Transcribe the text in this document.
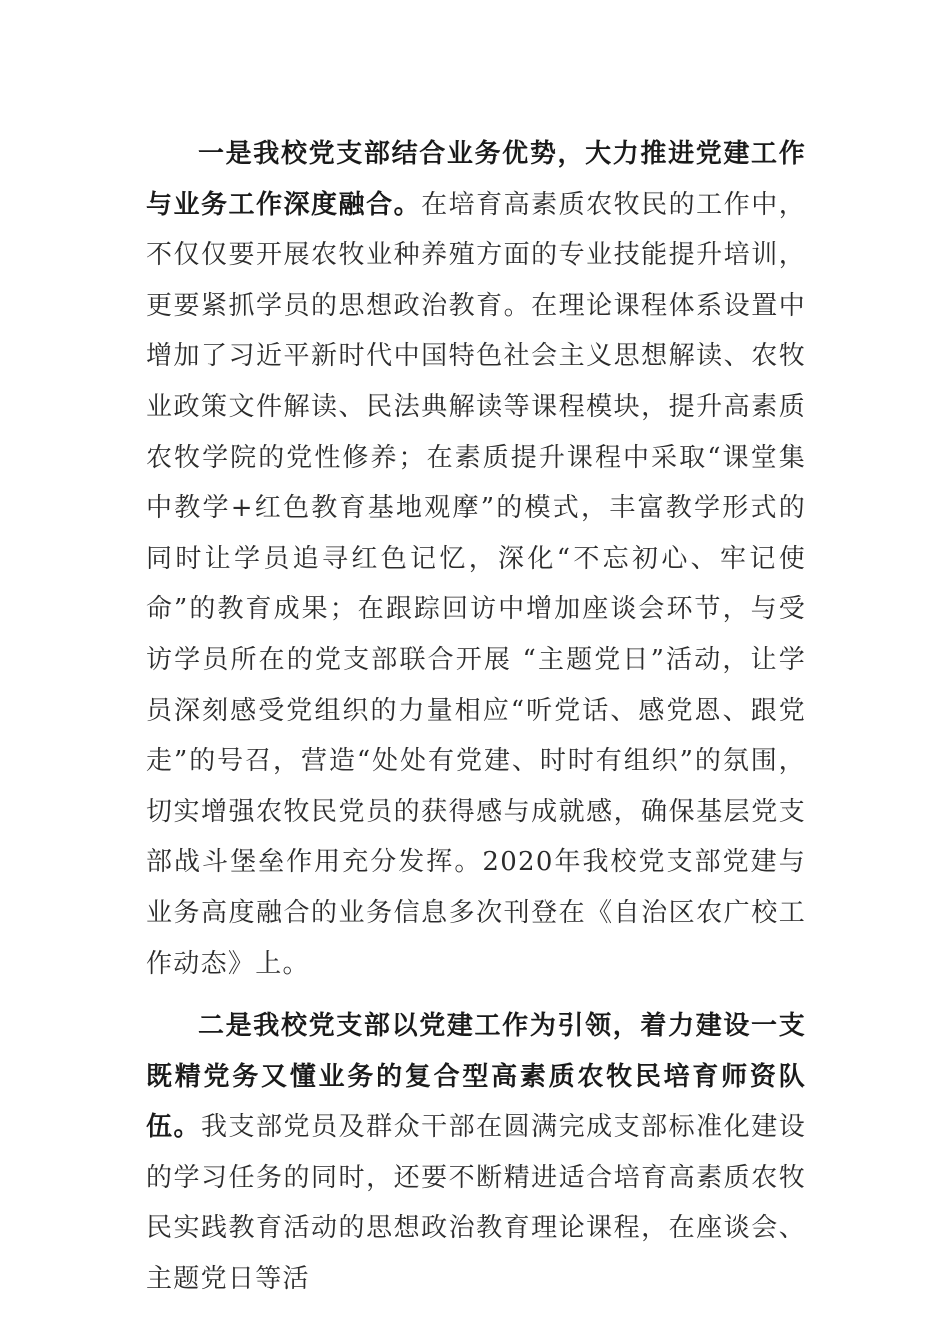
一是我校党支部结合业务优势，大力推进党建工作与业务工作深度融合。在培育高素质农牧民的工作中，不仅仅要开展农牧业种养殖方面的专业技能提升培训，更要紧抓学员的思想政治教育。在理论课程体系设置中增加了习近平新时代中国特色社会主义思想解读、农牧业政策文件解读、民法典解读等课程模块，提升高素质农牧学院的党性修养；在素质提升课程中采取“课堂集中教学+红色教育基地观摩”的模式，丰富教学形式的同时让学员追寻红色记忆，深化“不忘初心、牢记使命”的教育成果；在跟踪回访中增加座谈会环节，与受访学员所在的党支部联合开展 “主题党日”活动，让学员深刻感受党组织的力量相应“听党话、感党恩、跟党走”的号召，营造“处处有党建、时时有组织”的氛围，切实增强农牧民党员的获得感与成就感，确保基层党支部战斗堡垒作用充分发挥。2020年我校党支部党建与业务高度融合的业务信息多次刊登在《自治区农广校工作动态》上。

二是我校党支部以党建工作为引领，着力建设一支既精党务又懂业务的复合型高素质农牧民培育师资队伍。我支部党员及群众干部在圆满完成支部标准化建设的学习任务的同时，还要不断精进适合培育高素质农牧民实践教育活动的思想政治教育理论课程，在座谈会、主题党日等活
